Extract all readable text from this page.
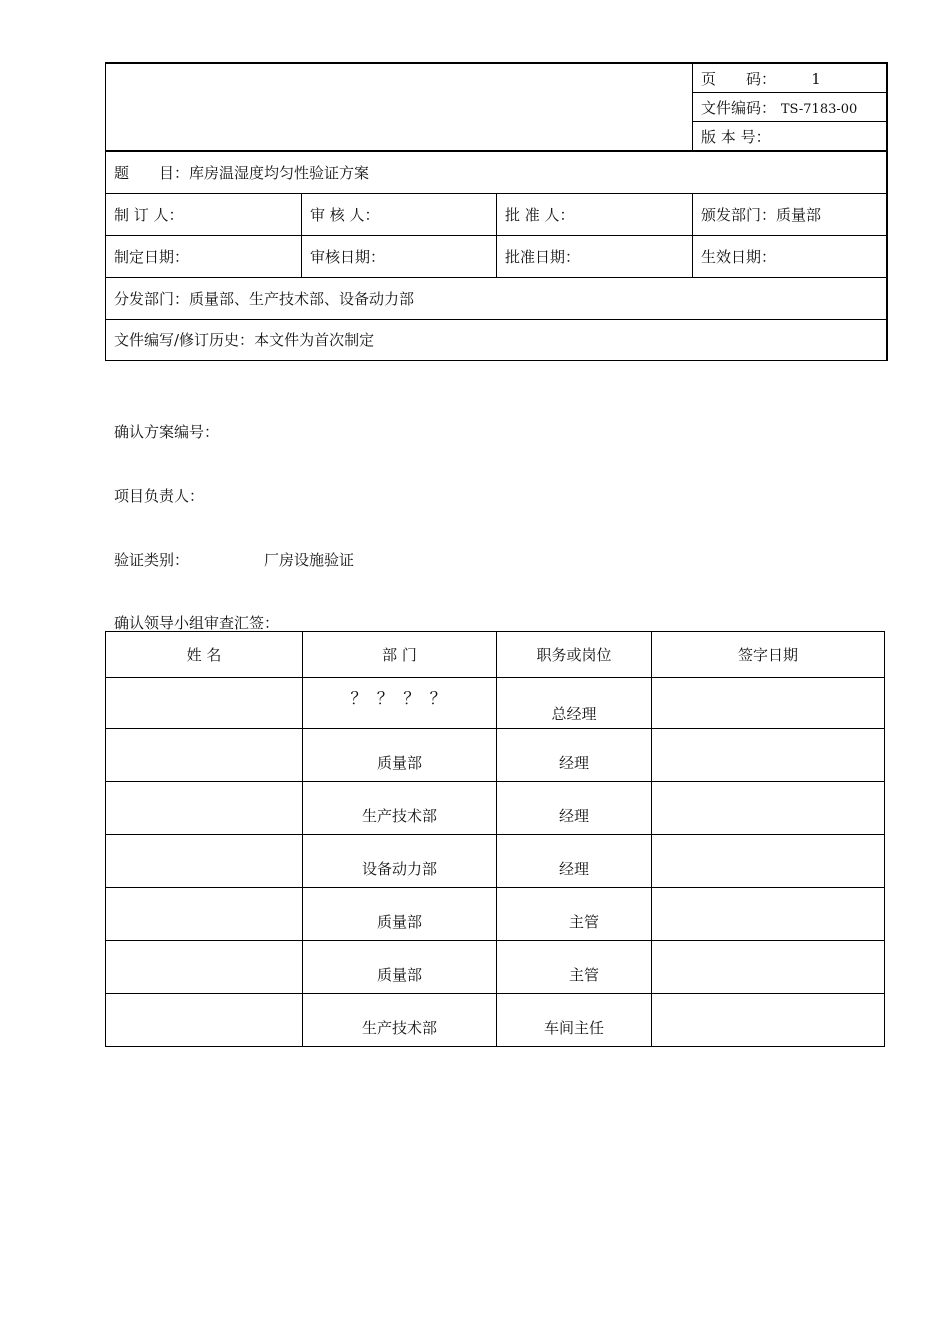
			页　　码： 1
			文件编码： TS-7183-00
			版 本 号：
题　　目：库房温湿度均匀性验证方案			
制 订 人：	审 核 人：	批 准 人：	颁发部门：质量部
制定日期：	审核日期：	批准日期：	生效日期：
分发部门：质量部、生产技术部、设备动力部			
文件编写/修订历史：本文件为首次制定			
确认方案编号：
项目负责人：
验证类别：	厂房设施验证
确认领导小组审查汇签：
姓 名	部 门	职务或岗位	签字日期
	？ ？ ？ ？	总经理	
	质量部	经理	
	生产技术部	经理	
	设备动力部	经理	
	质量部	主管	
	质量部	主管	
	生产技术部	车间主任	
